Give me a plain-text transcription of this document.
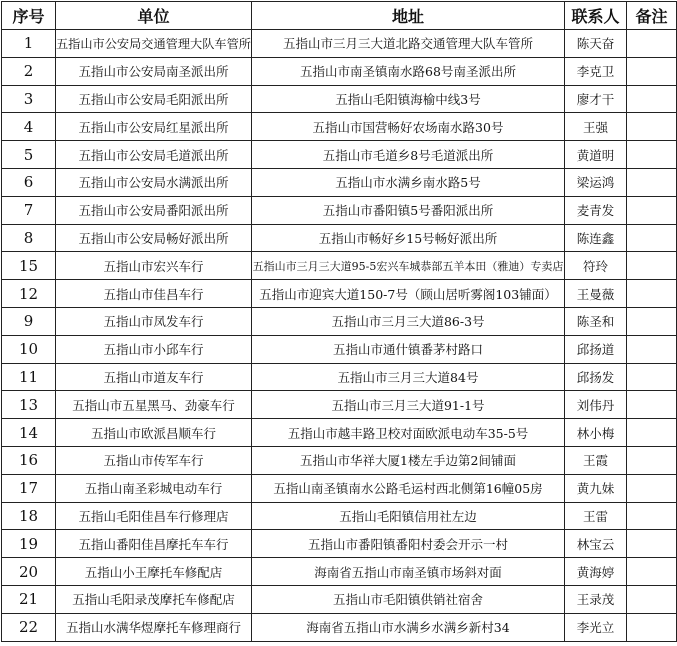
序号	单位	地址	联系人	备注
1	五指山市公安局交通管理大队车管所	五指山市三月三大道北路交通管理大队车管所	陈天奋	
2	五指山市公安局南圣派出所	五指山市南圣镇南水路68号南圣派出所	李克卫	
3	五指山市公安局毛阳派出所	五指山毛阳镇海榆中线3号	廖才干	
4	五指山市公安局红星派出所	五指山市国营畅好农场南水路30号	王强	
5	五指山市公安局毛道派出所	五指山市毛道乡8号毛道派出所	黄道明	
6	五指山市公安局水满派出所	五指山市水满乡南水路5号	梁运鸿	
7	五指山市公安局番阳派出所	五指山市番阳镇5号番阳派出所	麦青发	
8	五指山市公安局畅好派出所	五指山市畅好乡15号畅好派出所	陈连鑫	
15	五指山市宏兴车行	五指山市三月三大道95-5宏兴车城恭部五羊本田（雅迪）专卖店	符玲	
12	五指山市佳昌车行	五指山市迎宾大道150-7号（顾山居听雾阁103铺面）	王曼薇	
9	五指山市凤发车行	五指山市三月三大道86-3号	陈圣和	
10	五指山市小邱车行	五指山市通什镇番茅村路口	邱扬道	
11	五指山市道友车行	五指山市三月三大道84号	邱扬发	
13	五指山市五星黑马、劲豪车行	五指山市三月三大道91-1号	刘伟丹	
14	五指山市欧派昌顺车行	五指山市越丰路卫校对面欧派电动车35-5号	林小梅	
16	五指山市传军车行	五指山市华祥大厦1楼左手边第2间铺面	王霞	
17	五指山南圣彩城电动车行	五指山南圣镇南水公路毛运村西北侧第16幢05房	黄九妹	
18	五指山毛阳佳昌车行修理店	五指山毛阳镇信用社左边	王雷	
19	五指山番阳佳昌摩托车车行	五指山市番阳镇番阳村委会开示一村	林宝云	
20	五指山小王摩托车修配店	海南省五指山市南圣镇市场斜对面	黄海婷	
21	五指山毛阳录茂摩托车修配店	五指山市毛阳镇供销社宿舍	王录茂	
22	五指山水满华煜摩托车修理商行	海南省五指山市水满乡水满乡新村34	李光立	
